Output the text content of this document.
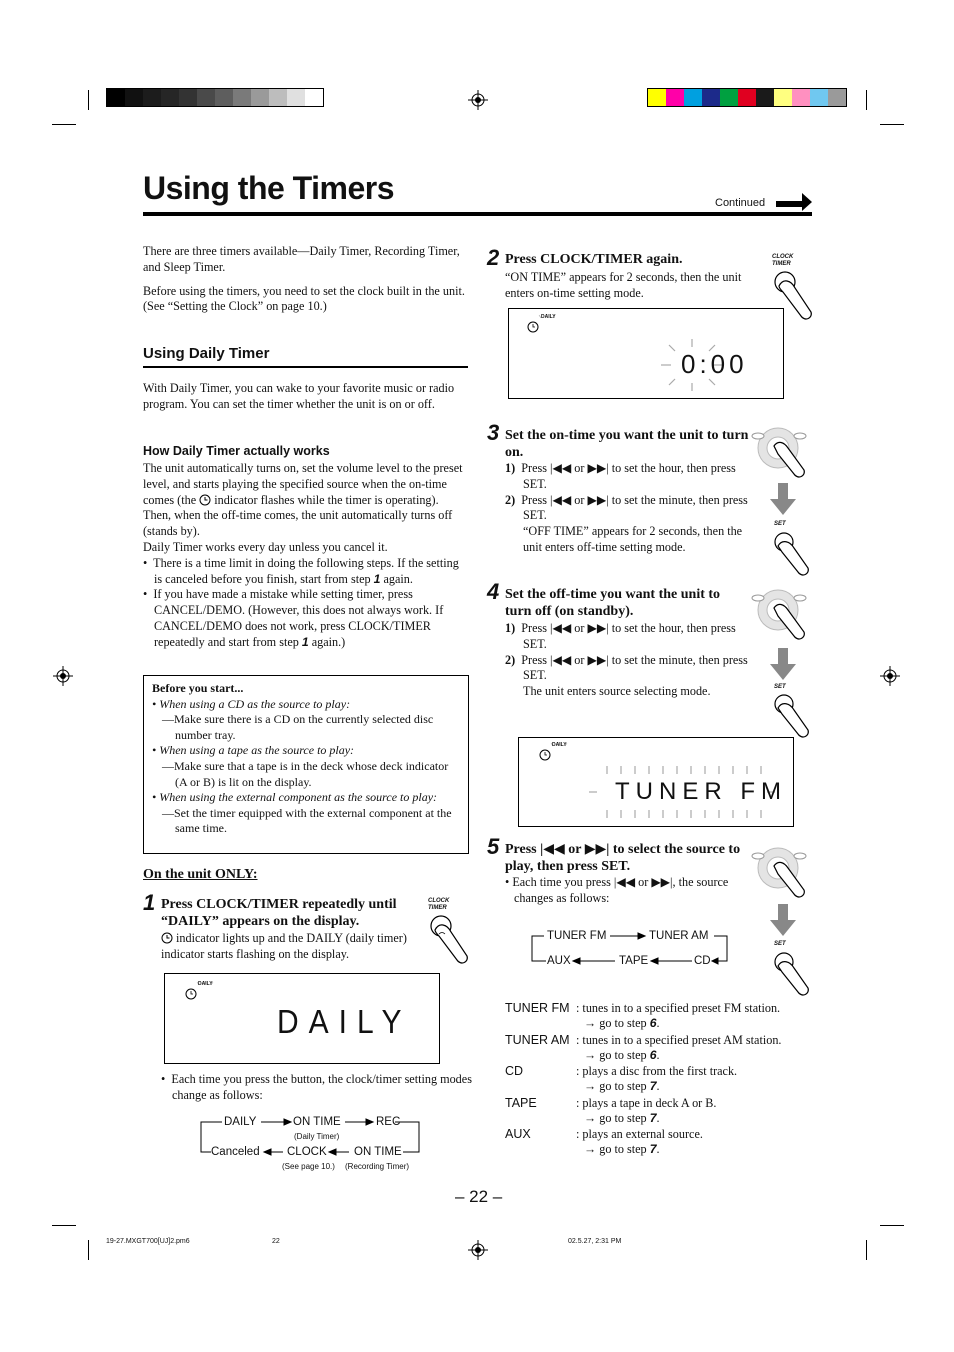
Using the Timers	Continued
There are three timers available—Daily Timer, Recording Timer, and Sleep Timer.
Before using the timers, you need to set the clock built in the unit. (See “Setting the Clock” on page 10.)
Using Daily Timer
With Daily Timer, you can wake to your favorite music or radio program. You can set the timer whether the unit is on or off.
How Daily Timer actually works
The unit automatically turns on, set the volume level to the preset level, and starts playing the specified source when the on-time comes (the indicator flashes while the timer is operating). Then, when the off-time comes, the unit automatically turns off (stands by).
Daily Timer works every day unless you cancel it.
•  There is a time limit in doing the following steps. If the setting is canceled before you finish, start from step 1 again.
•  If you have made a mistake while setting timer, press CANCEL/DEMO. (However, this does not always work. If CANCEL/DEMO does not work, press CLOCK/TIMER repeatedly and start from step 1 again.)
Before you start...
• When using a CD as the source to play:
—Make sure there is a CD on the currently selected disc number tray.
• When using a tape as the source to play:
—Make sure that a tape is in the deck whose deck indicator (A or B) is lit on the display.
• When using the external component as the source to play:
—Set the timer equipped with the external component at the same time.
On the unit ONLY:
1 Press CLOCK/TIMER repeatedly until “DAILY” appears on the display.
indicator lights up and the DAILY (daily timer) indicator starts flashing on the display.
CLOCK TIMER
DAILY
DAILY
•  Each time you press the button, the clock/timer setting modes change as follows:
DAILY	ON TIME
(Daily Timer)
REC
Canceled CLOCK
(See page 10.)
ON TIME
(Recording Timer)
2 Press CLOCK/TIMER again.
“ON TIME” appears for 2 seconds, then the unit enters on-time setting mode.
CLOCK TIMER
DAILY
0:00
3 Set the on-time you want the unit to turn on.
1) Press |◀◀ or ▶▶| to set the hour, then press SET.
2) Press |◀◀ or ▶▶| to set the minute, then press SET.
“OFF TIME” appears for 2 seconds, then the unit enters off-time setting mode.
SET
4 Set the off-time you want the unit to turn off (on standby).
1) Press |◀◀ or ▶▶| to set the hour, then press SET.
2) Press |◀◀ or ▶▶| to set the minute, then press SET.
The unit enters source selecting mode.	SET
DAILY
TUNER FM
5 Press |◀◀ or ▶▶| to select the source to play, then press SET.
• Each time you press |◀◀ or ▶▶|, the source changes as follows:
SET
TUNER FM	TUNER AM
AUX	TAPE	CD
TUNER FM : tunes in to a specified preset FM station.
→ go to step 6.
TUNER AM : tunes in to a specified preset AM station.
→ go to step 6.
CD	: plays a disc from the first track.
→ go to step 7.
TAPE	: plays a tape in deck A or B.
→ go to step 7.
AUX	: plays an external source.
→ go to step 7.
– 22 –
19-27.MXGT700[UJ]2.pm6	22	02.5.27, 2:31 PM
